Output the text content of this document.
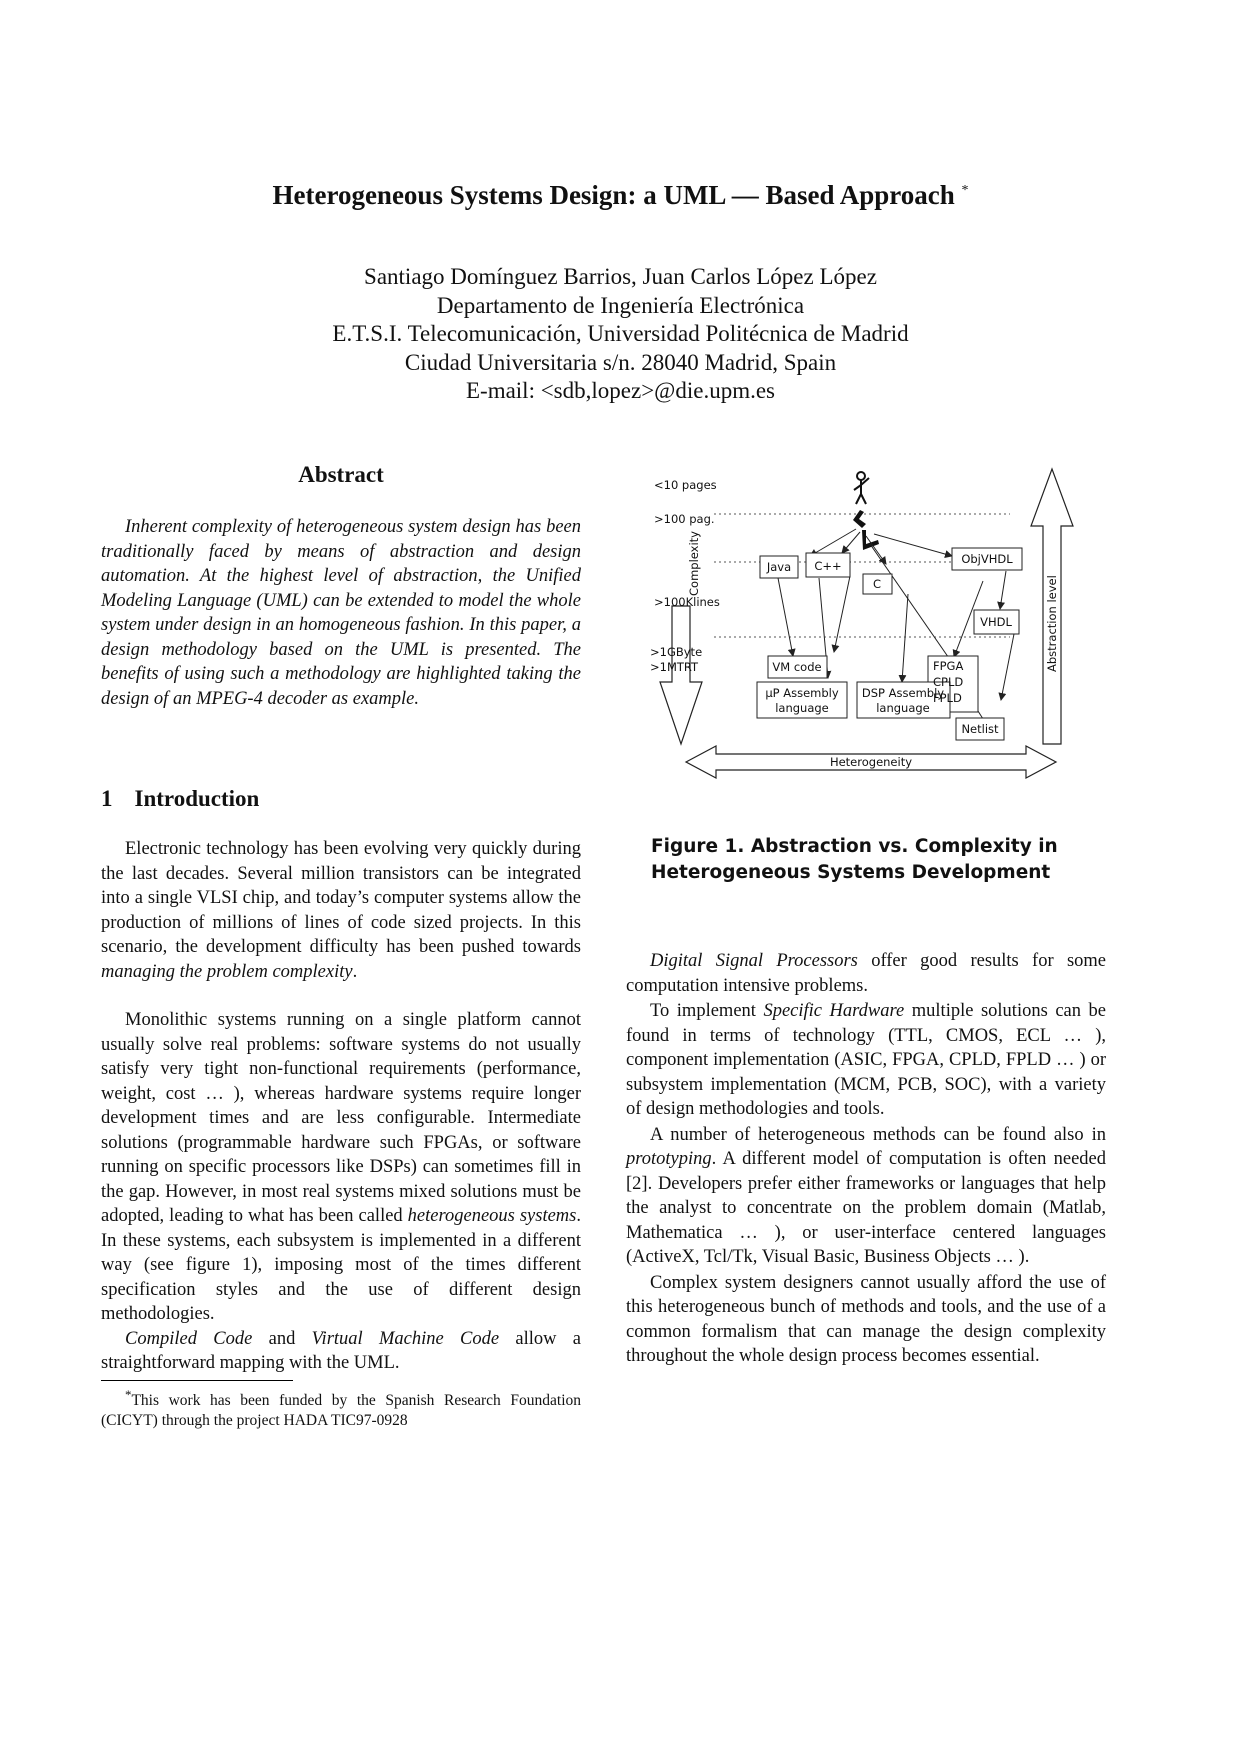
Heterogeneous Systems Design: a UML — Based Approach *
Santiago Domínguez Barrios, Juan Carlos López López
Departamento de Ingeniería Electrónica
E.T.S.I. Telecomunicación, Universidad Politécnica de Madrid
Ciudad Universitaria s/n. 28040 Madrid, Spain
E-mail: <sdb,lopez>@die.upm.es
Abstract

Inherent complexity of heterogeneous system design has been traditionally faced by means of abstraction and design automation. At the highest level of abstraction, the Unified Modeling Language (UML) can be extended to model the whole system under design in an homogeneous fashion. In this paper, a design methodology based on the UML is presented. The benefits of using such a methodology are highlighted taking the design of an MPEG-4 decoder as example.

1 Introduction

Electronic technology has been evolving very quickly during the last decades. Several million transistors can be integrated into a single VLSI chip, and today’s computer systems allow the production of millions of lines of code sized projects. In this scenario, the development difficulty has been pushed towards managing the problem complexity.

Monolithic systems running on a single platform cannot usually solve real problems: software systems do not usually satisfy very tight non-functional requirements (performance, weight, cost … ), whereas hardware systems require longer development times and are less configurable. Intermediate solutions (programmable hardware such FPGAs, or software running on specific processors like DSPs) can sometimes fill in the gap. However, in most real systems mixed solutions must be adopted, leading to what has been called heterogeneous systems. In these systems, each subsystem is implemented in a different way (see figure 1), imposing most of the times different specification styles and the use of different design methodologies.

Compiled Code and Virtual Machine Code allow a straightforward mapping with the UML.

*This work has been funded by the Spanish Research Foundation (CICYT) through the project HADA TIC97-0928
<10 pages
>100 pag.
>100Klines
>1GByte
>1MTRT
Complexity
Abstraction level
Heterogeneity
Java C++
C
ObjVHDL
VHDL
VM code	FPGA
CPLD
FPLD
µP Assembly
language
DSP Assembly
language
Netlist
Figure 1. Abstraction vs. Complexity in Heterogeneous Systems Development

Digital Signal Processors offer good results for some computation intensive problems.

To implement Specific Hardware multiple solutions can be found in terms of technology (TTL, CMOS, ECL … ), component implementation (ASIC, FPGA, CPLD, FPLD … ) or subsystem implementation (MCM, PCB, SOC), with a variety of design methodologies and tools.

A number of heterogeneous methods can be found also in prototyping. A different model of computation is often needed [2]. Developers prefer either frameworks or languages that help the analyst to concentrate on the problem domain (Matlab, Mathematica … ), or user-interface centered languages (ActiveX, Tcl/Tk, Visual Basic, Business Objects … ).

Complex system designers cannot usually afford the use of this heterogeneous bunch of methods and tools, and the use of a common formalism that can manage the design complexity throughout the whole design process becomes essential.
